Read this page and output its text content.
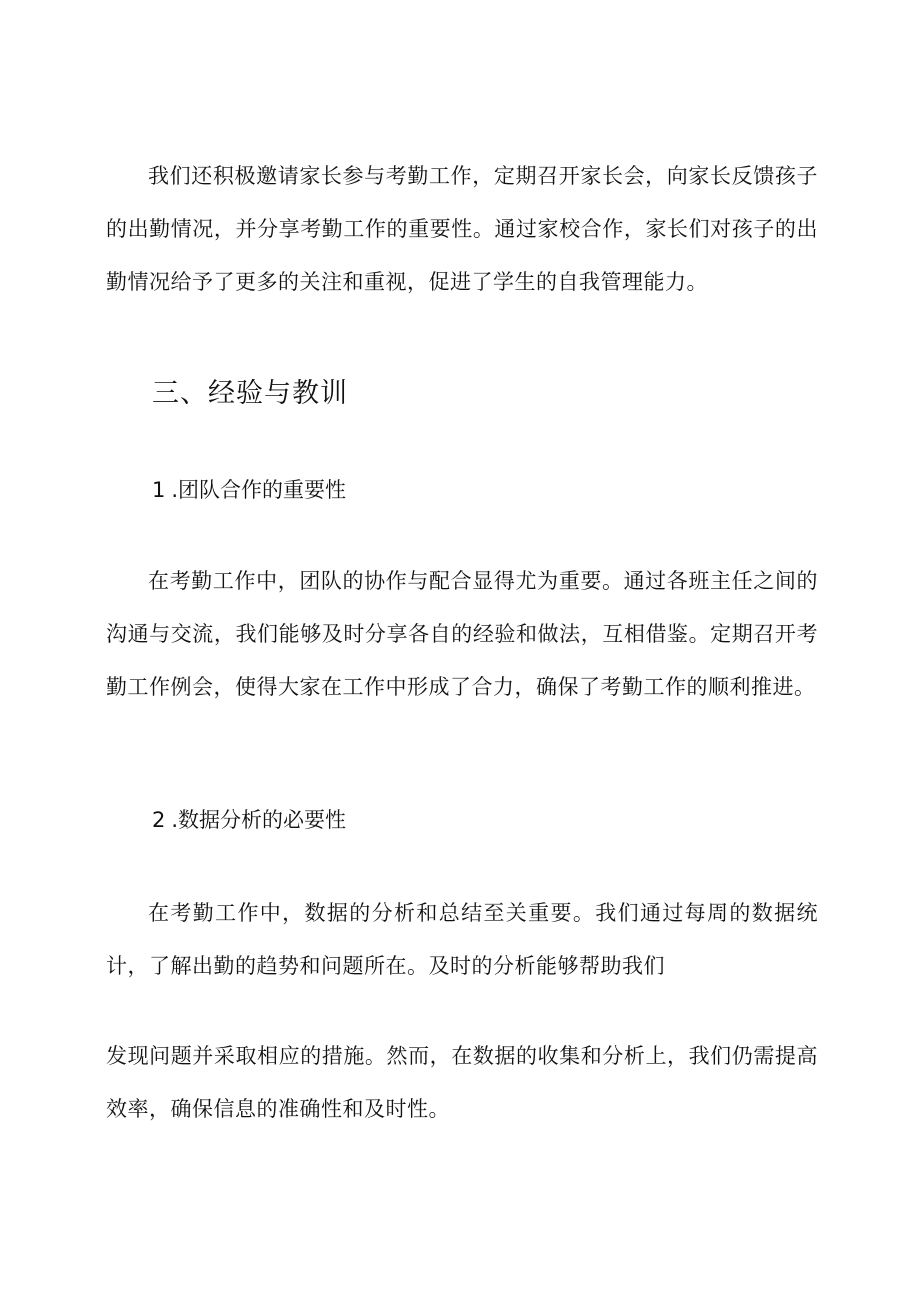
我们还积极邀请家长参与考勤工作，定期召开家长会，向家长反馈孩子的出勤情况，并分享考勤工作的重要性。通过家校合作，家长们对孩子的出勤情况给予了更多的关注和重视，促进了学生的自我管理能力。

三、经验与教训
1 .团队合作的重要性

在考勤工作中，团队的协作与配合显得尤为重要。通过各班主任之间的沟通与交流，我们能够及时分享各自的经验和做法，互相借鉴。定期召开考勤工作例会，使得大家在工作中形成了合力，确保了考勤工作的顺利推进。

2 .数据分析的必要性

在考勤工作中，数据的分析和总结至关重要。我们通过每周的数据统计，了解出勤的趋势和问题所在。及时的分析能够帮助我们

发现问题并采取相应的措施。然而，在数据的收集和分析上，我们仍需提高效率，确保信息的准确性和及时性。
